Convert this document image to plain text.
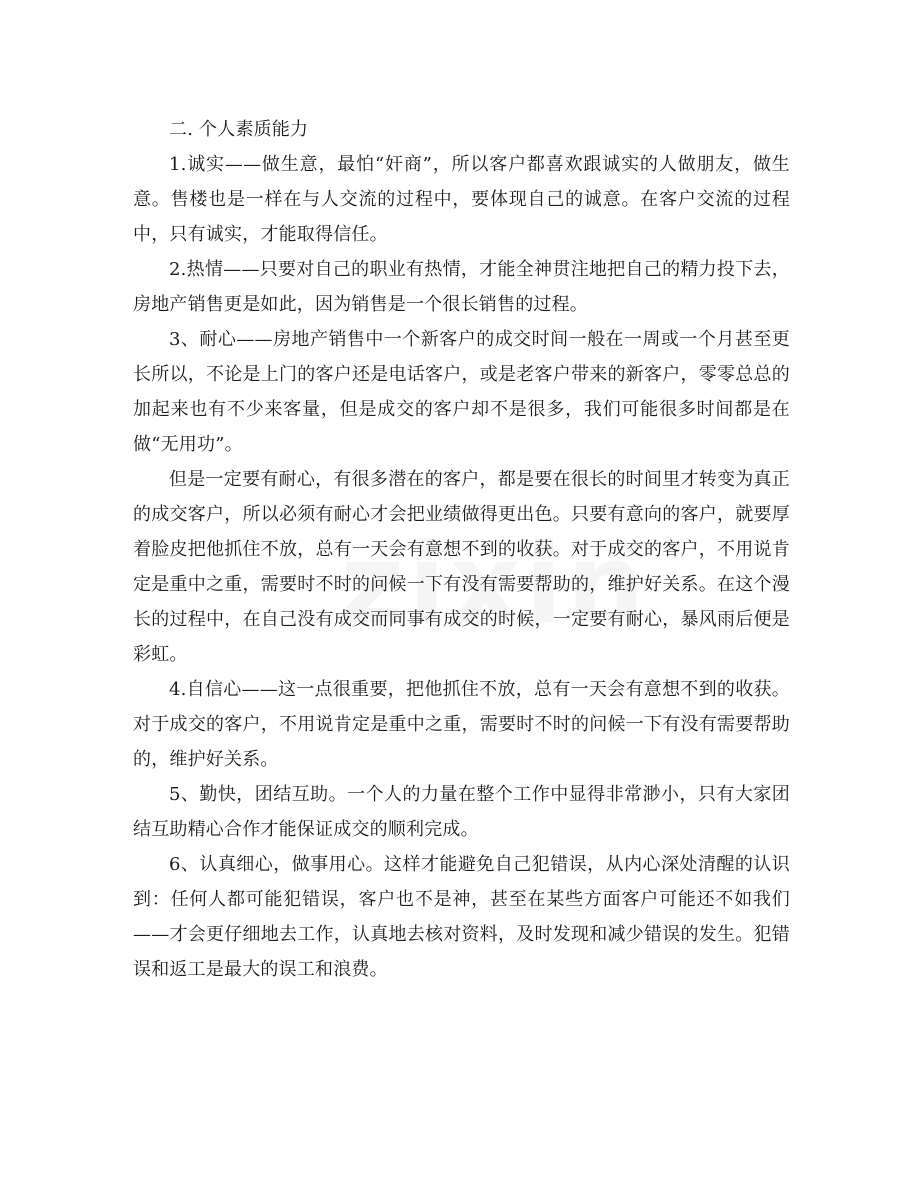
二. 个人素质能力

1.诚实——做生意，最怕“奸商”，所以客户都喜欢跟诚实的人做朋友，做生意。售楼也是一样在与人交流的过程中，要体现自己的诚意。在客户交流的过程中，只有诚实，才能取得信任。

2.热情——只要对自己的职业有热情，才能全神贯注地把自己的精力投下去，房地产销售更是如此，因为销售是一个很长销售的过程。

3、耐心——房地产销售中一个新客户的成交时间一般在一周或一个月甚至更长所以，不论是上门的客户还是电话客户，或是老客户带来的新客户，零零总总的加起来也有不少来客量，但是成交的客户却不是很多，我们可能很多时间都是在做“无用功”。

但是一定要有耐心，有很多潜在的客户，都是要在很长的时间里才转变为真正的成交客户，所以必须有耐心才会把业绩做得更出色。只要有意向的客户，就要厚着脸皮把他抓住不放，总有一天会有意想不到的收获。对于成交的客户，不用说肯定是重中之重，需要时不时的问候一下有没有需要帮助的，维护好关系。在这个漫长的过程中，在自己没有成交而同事有成交的时候，一定要有耐心，暴风雨后便是彩虹。

4.自信心——这一点很重要，把他抓住不放，总有一天会有意想不到的收获。对于成交的客户，不用说肯定是重中之重，需要时不时的问候一下有没有需要帮助的，维护好关系。

5、勤快，团结互助。一个人的力量在整个工作中显得非常渺小，只有大家团结互助精心合作才能保证成交的顺利完成。

6、认真细心，做事用心。这样才能避免自己犯错误，从内心深处清醒的认识到：任何人都可能犯错误，客户也不是神，甚至在某些方面客户可能还不如我们——才会更仔细地去工作，认真地去核对资料，及时发现和减少错误的发生。犯错误和返工是最大的误工和浪费。
